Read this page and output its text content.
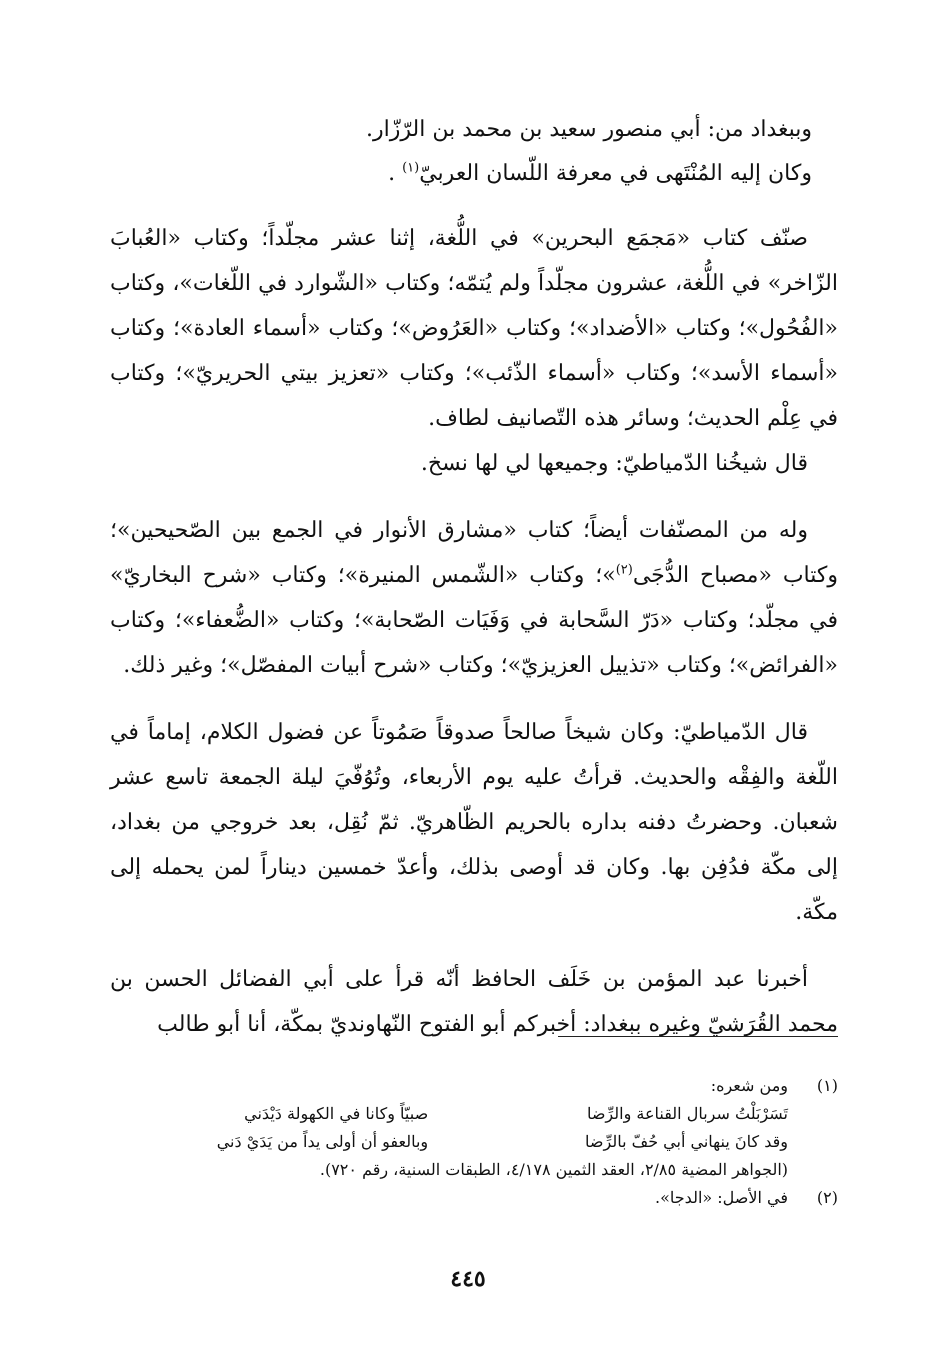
وببغداد من: أبي منصور سعيد بن محمد بن الرّزّار.
وكان إليه المُنْتَهى في معرفة اللّسان العربيّ$^{(١)}$ .
صنّف كتاب «مَجمَع البحرين» في اللُّغة، إثنا عشر مجلّداً؛ وكتاب «العُبابَ الزّاخر» في اللُّغة، عشرون مجلّداً ولم يُتمّه؛ وكتاب «الشّوارد في اللّغات»، وكتاب «الفُحُول»؛ وكتاب «الأضداد»؛ وكتاب «العَرُوض»؛ وكتاب «أسماء العادة»؛ وكتاب «أسماء الأسد»؛ وكتاب «أسماء الذّئب»؛ وكتاب «تعزيز بيتي الحريريّ»؛ وكتاب في عِلْم الحديث؛ وسائر هذه التّصانيف لطاف.
قال شيخُنا الدّمياطيّ: وجميعها لي لها نسخ.
وله من المصنّفات أيضاً؛ كتاب «مشارق الأنوار في الجمع بين الصّحيحين»؛ وكتاب «مصباح الدُّجَى$^{(٢)}$»؛ وكتاب «الشّمس المنيرة»؛ وكتاب «شرح البخاريّ» في مجلّد؛ وكتاب «دَرّ السَّحابة في وَفَيَات الصّحابة»؛ وكتاب «الضُّعفاء»؛ وكتاب «الفرائض»؛ وكتاب «تذييل العزيزيّ»؛ وكتاب «شرح أبيات المفصّل»؛ وغير ذلك.
قال الدّمياطيّ: وكان شيخاً صالحاً صدوقاً صَمُوتاً عن فضول الكلام، إماماً في اللّغة والفِقْه والحديث. قرأتُ عليه يوم الأربعاء، وتُوُفّيَ ليلة الجمعة تاسع عشر شعبان. وحضرتُ دفنه بداره بالحريم الظّاهريّ. ثمّ نُقِل، بعد خروجي من بغداد، إلى مكّة فدُفِن بها. وكان قد أوصى بذلك، وأعدّ خمسين ديناراً لمن يحمله إلى مكّة.
أخبرنا عبد المؤمن بن خَلَف الحافظ أنّه قرأ على أبي الفضائل الحسن بن محمد القُرَشيّ وغيره ببغداد: أخبركم أبو الفتوح النّهاونديّ بمكّة، أنا أبو طالب
(١)
ومن شعره:
تَسَرْبَلْتُ سربال القناعة والرِّضا
صبيّاً وكانا في الكهولة دَيْدَني
وقد كانَ ينهاني أبي حُفّ بالرِّضا
وبالعفو أن أولى يداً من يَدَيْ دَني
(الجواهر المضية ٢/٨٥، العقد الثمين ٤/١٧٨، الطبقات السنية، رقم ٧٢٠).
(٢)
في الأصل: «الدجا».
٤٤٥
